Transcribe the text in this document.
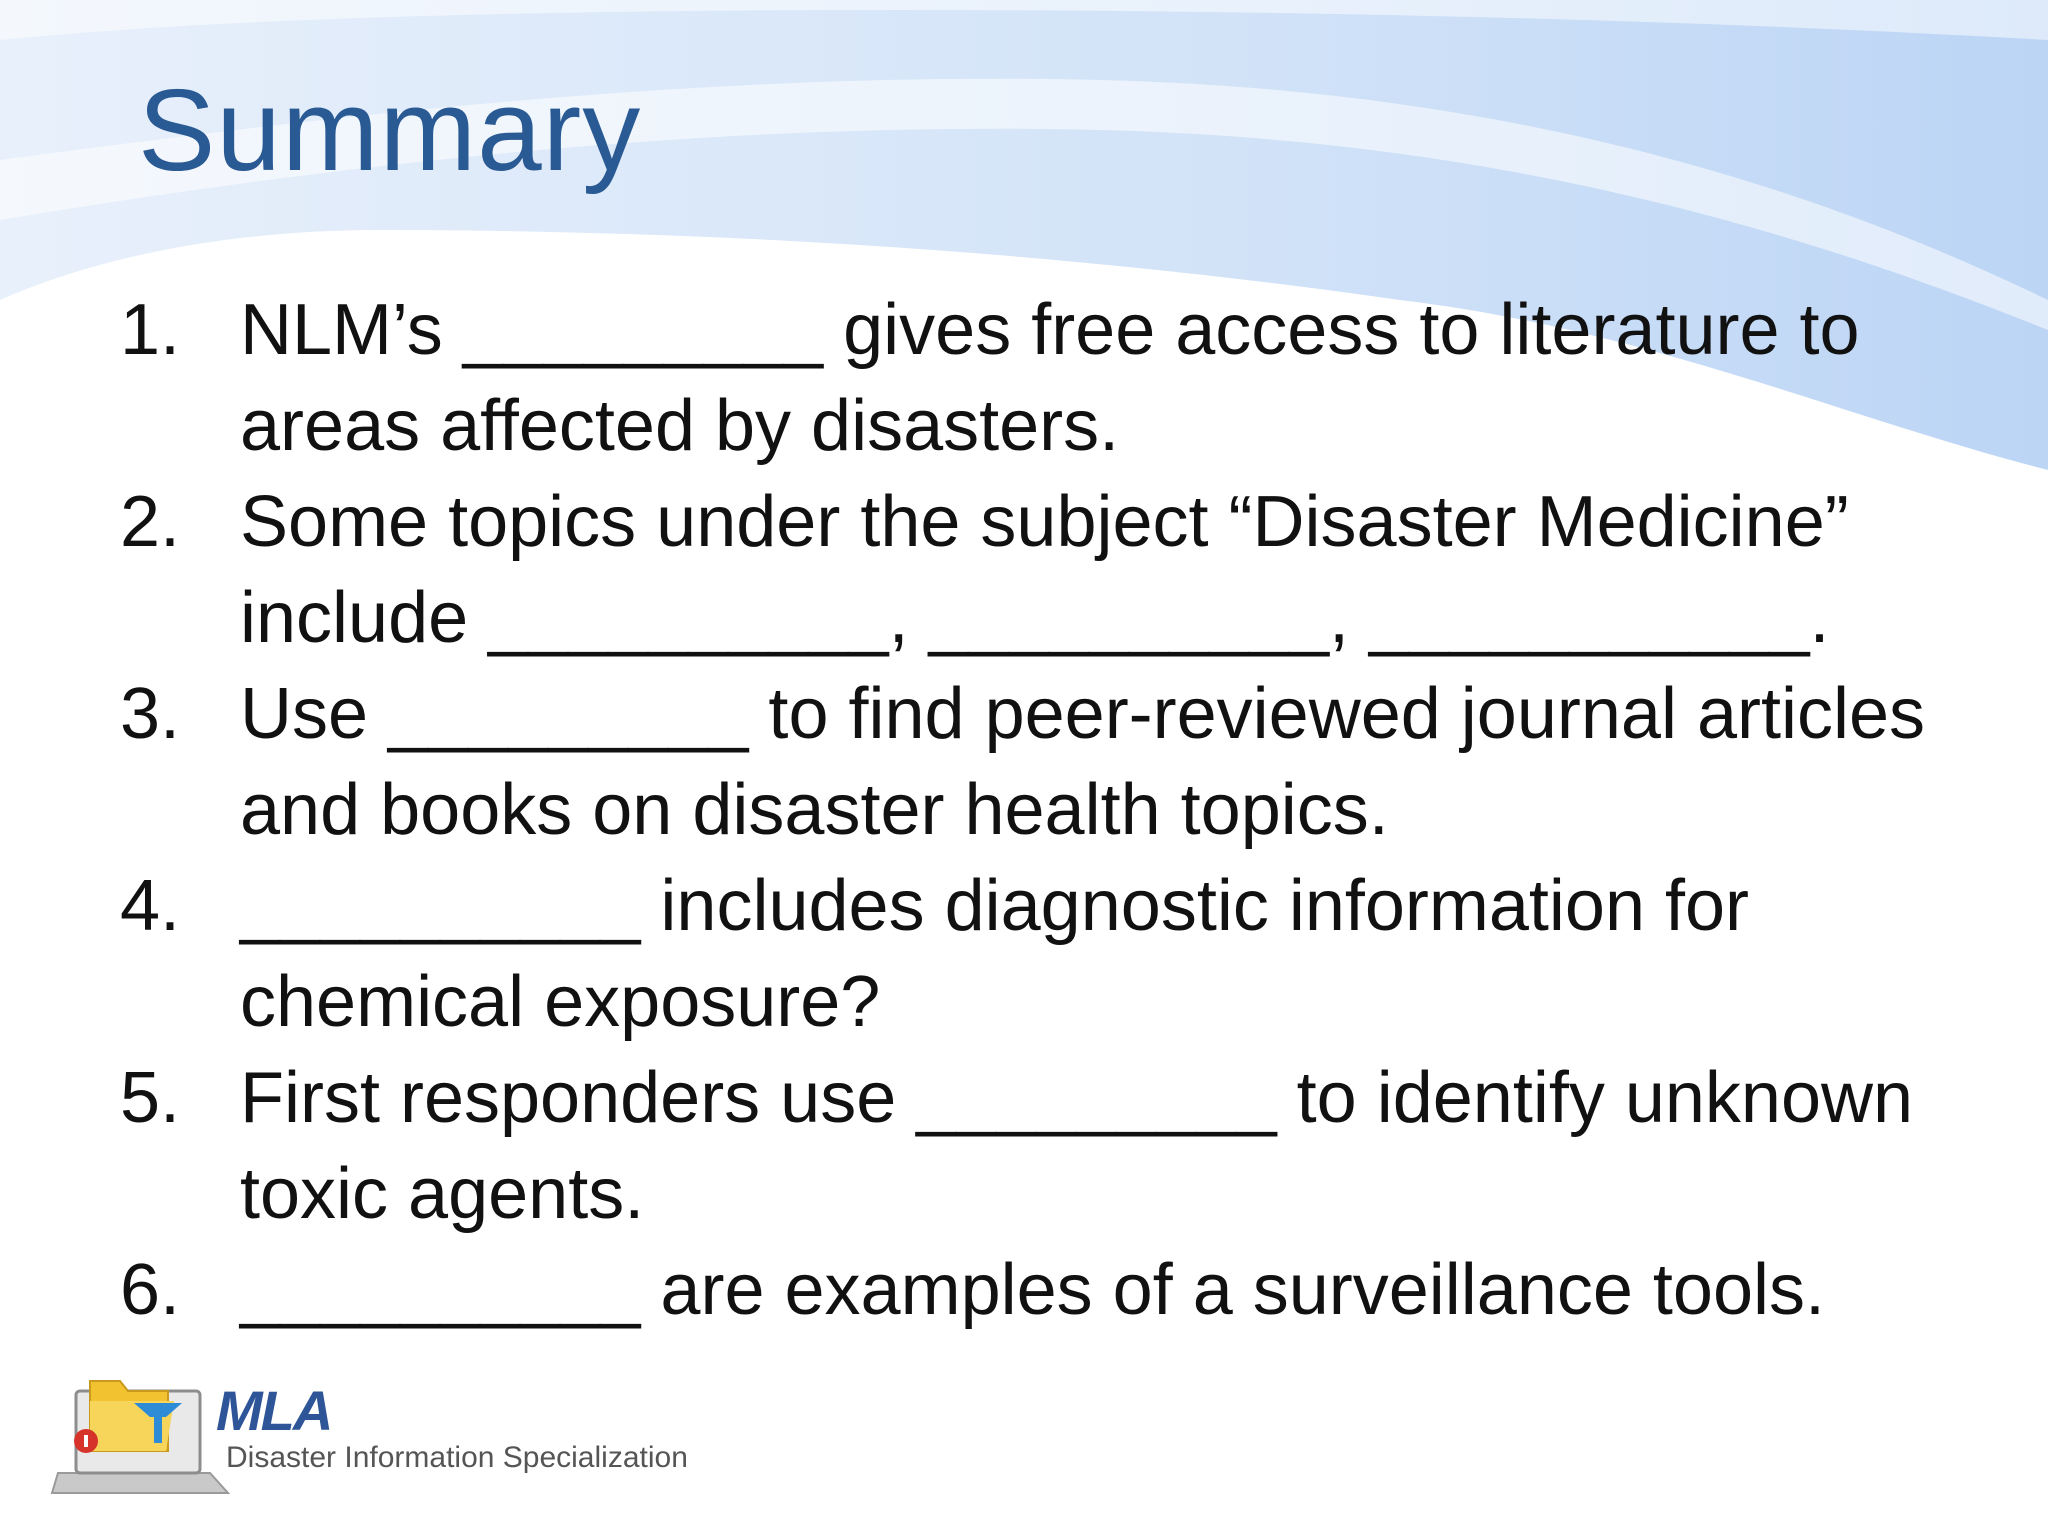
Summary
1. NLM’s _________ gives free access to literature to areas affected by disasters.
2. Some topics under the subject “Disaster Medicine” include __________, __________, ___________.
3. Use _________ to find peer-reviewed journal articles and books on disaster health topics.
4. __________ includes diagnostic information for chemical exposure?
5. First responders use _________ to identify unknown toxic agents.
6. __________ are examples of a surveillance tools.
MLA
Disaster Information Specialization
